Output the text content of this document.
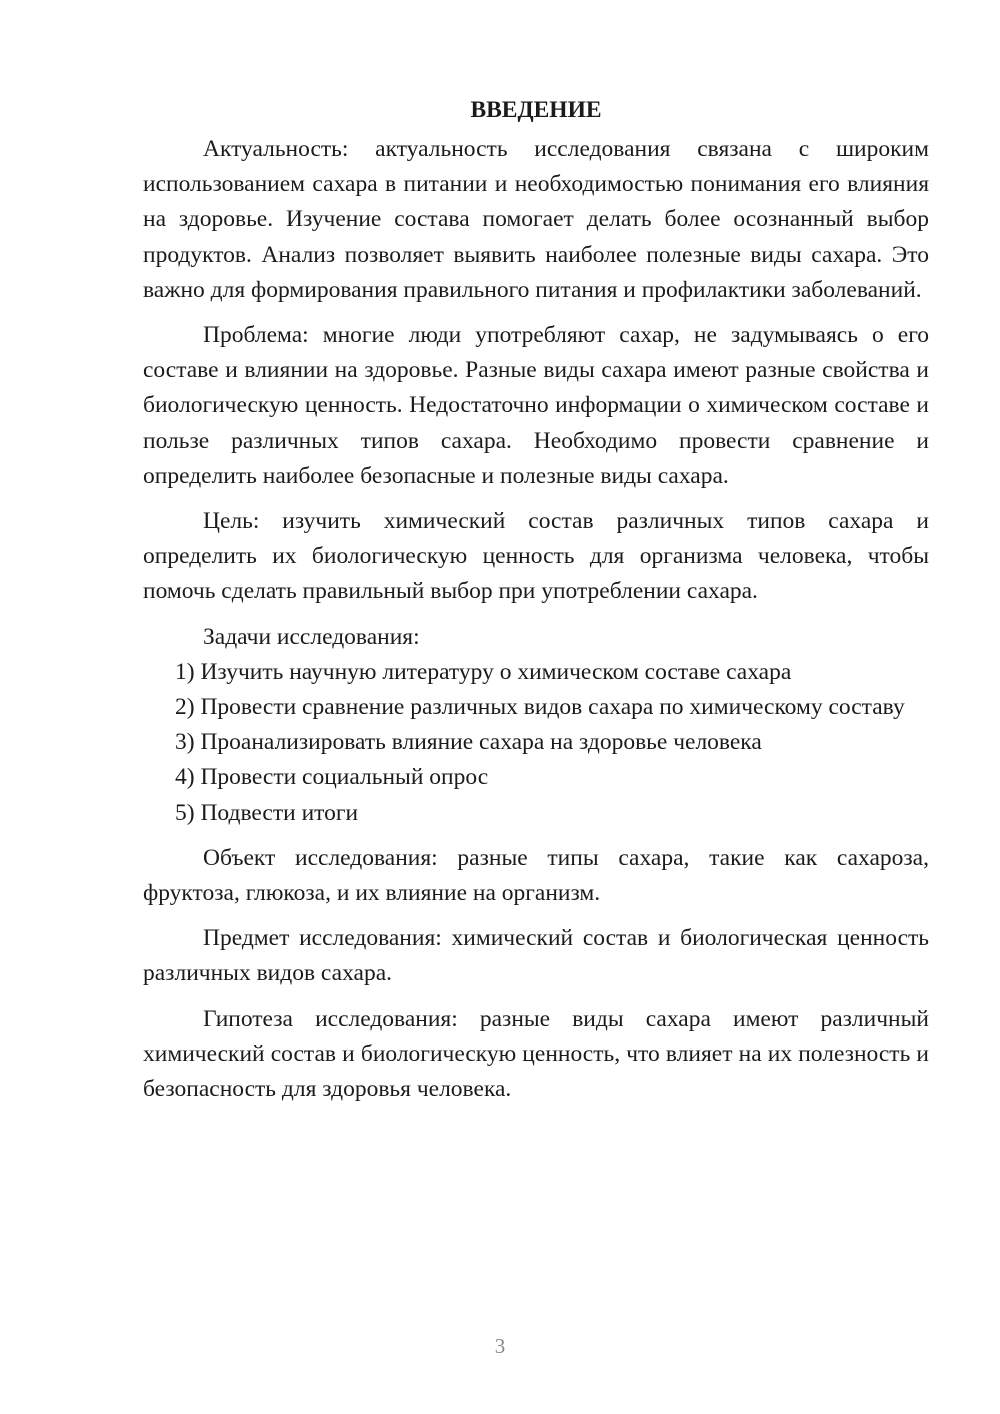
ВВЕДЕНИЕ

Актуальность: актуальность исследования связана с широким использованием сахара в питании и необходимостью понимания его влияния на здоровье. Изучение состава помогает делать более осознанный выбор продуктов. Анализ позволяет выявить наиболее полезные виды сахара. Это важно для формирования правильного питания и профилактики заболеваний.

Проблема: многие люди употребляют сахар, не задумываясь о его составе и влиянии на здоровье. Разные виды сахара имеют разные свойства и биологическую ценность. Недостаточно информации о химическом составе и пользе различных типов сахара. Необходимо провести сравнение и определить наиболее безопасные и полезные виды сахара.

Цель: изучить химический состав различных типов сахара и определить их биологическую ценность для организма человека, чтобы помочь сделать правильный выбор при употреблении сахара.

Задачи исследования:

1) Изучить научную литературу о химическом составе сахара

2) Провести сравнение различных видов сахара по химическому составу

3) Проанализировать влияние сахара на здоровье человека

4) Провести социальный опрос

5) Подвести итоги

Объект исследования: разные типы сахара, такие как сахароза, фруктоза, глюкоза, и их влияние на организм.

Предмет исследования: химический состав и биологическая ценность различных видов сахара.

Гипотеза исследования: разные виды сахара имеют различный химический состав и биологическую ценность, что влияет на их полезность и безопасность для здоровья человека.

3
